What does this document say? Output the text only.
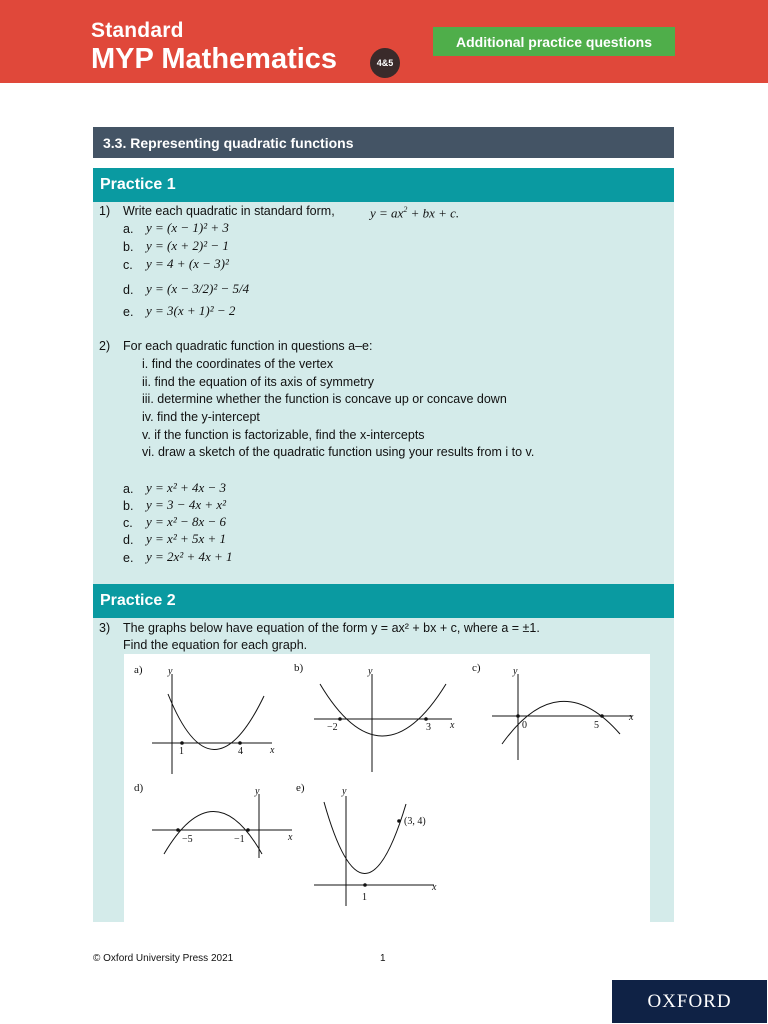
Standard
MYP Mathematics	4&5
Additional practice questions
3.3. Representing quadratic functions
Practice 1
1) Write each quadratic in standard form,	$y = ax^2$ + bx + c.
a. y = (x − 1)² + 3
b. y = (x + 2)² − 1
c. y = 4 + (x − 3)²
d. y = (x − 3/2)² − 5/4
e. y = 3(x + 1)² − 2
2) For each quadratic function in questions a–e:
i. find the coordinates of the vertex
ii. find the equation of its axis of symmetry
iii. determine whether the function is concave up or concave down
iv. find the y-intercept
v. if the function is factorizable, find the x-intercepts
vi. draw a sketch of the quadratic function using your results from i to v.
a. y = x² + 4x − 3
b. y = 3 − 4x + x²
c. y = x² − 8x − 6
d. y = x² + 5x + 1
e. y = 2x² + 4x + 1
Practice 2
3) The graphs below have equation of the form y = ax² + bx + c, where a = ±1.
Find the equation for each graph.
a)	y
x
1	4
b)	y
x
−2	3
c)	y
x
0	5
d)	y
x
−5	−1
e)	y
x
1
(3, 4)
© Oxford University Press 2021	1
OXFORD
